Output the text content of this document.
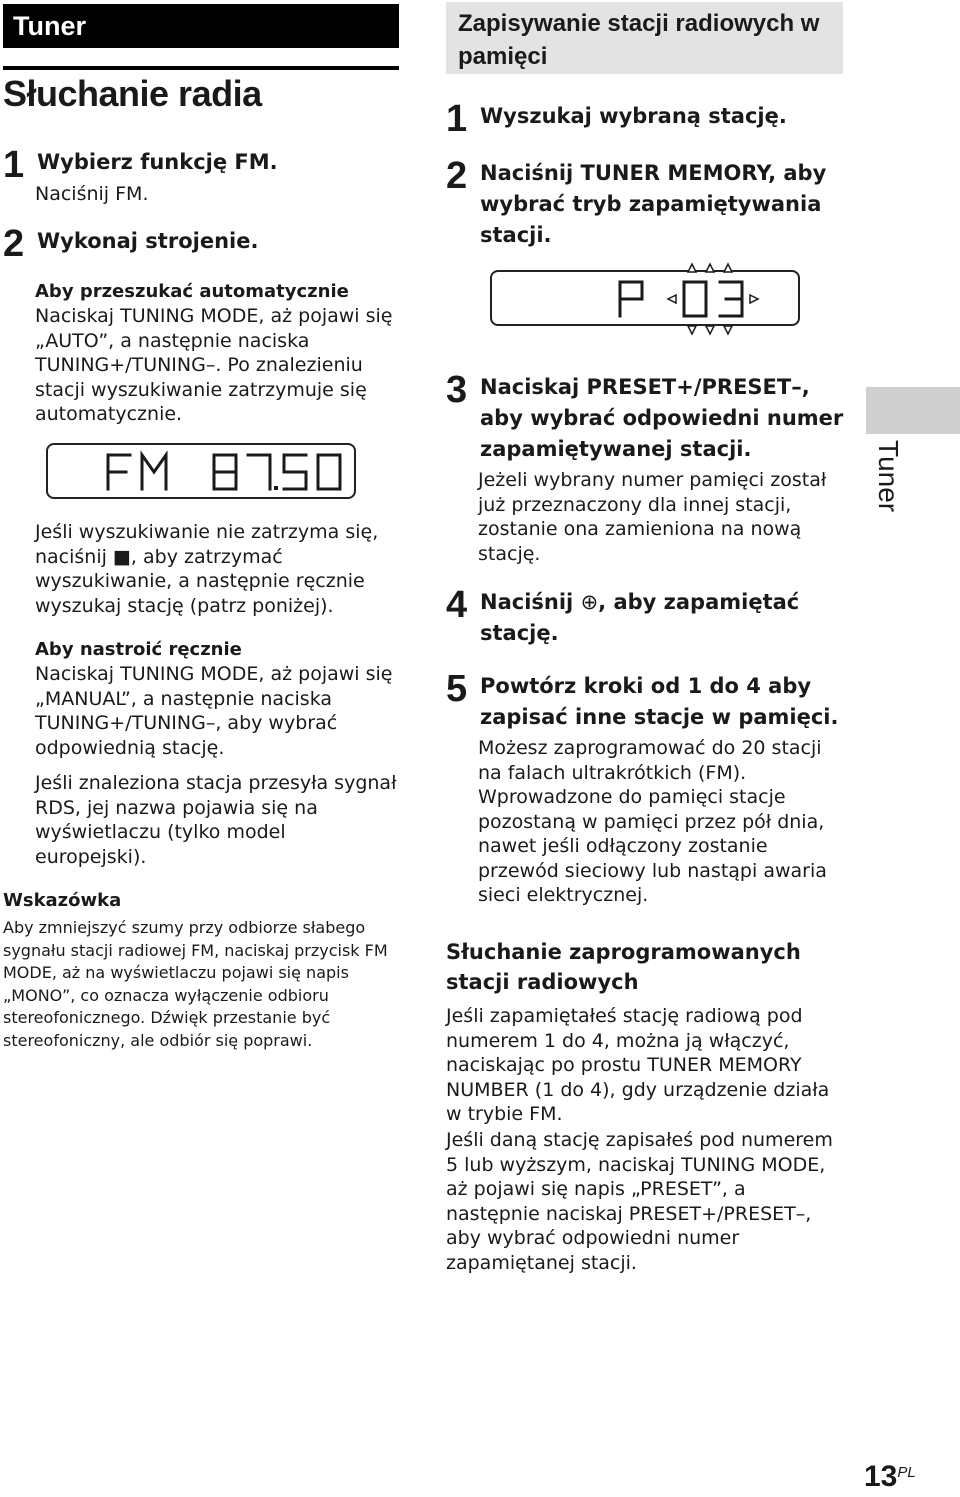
Tuner
Słuchanie radia
1 Wybierz funkcję FM.
Naciśnij FM.
2 Wykonaj strojenie.
Aby przeszukać automatycznie
Naciskaj TUNING MODE, aż pojawi się „AUTO”, a następnie naciska TUNING+/TUNING–. Po znalezieniu stacji wyszukiwanie zatrzymuje się automatycznie.
Jeśli wyszukiwanie nie zatrzyma się, naciśnij ■, aby zatrzymać wyszukiwanie, a następnie ręcznie wyszukaj stację (patrz poniżej).
Aby nastroić ręcznie
Naciskaj TUNING MODE, aż pojawi się „MANUAL”, a następnie naciska TUNING+/TUNING–, aby wybrać odpowiednią stację.
Jeśli znaleziona stacja przesyła sygnał RDS, jej nazwa pojawia się na wyświetlaczu (tylko model europejski).
Wskazówka
Aby zmniejszyć szumy przy odbiorze słabego sygnału stacji radiowej FM, naciskaj przycisk FM MODE, aż na wyświetlaczu pojawi się napis „MONO”, co oznacza wyłączenie odbioru stereofonicznego. Dźwięk przestanie być stereofoniczny, ale odbiór się poprawi.
Zapisywanie stacji radiowych w pamięci
1 Wyszukaj wybraną stację.
2 Naciśnij TUNER MEMORY, aby wybrać tryb zapamiętywania stacji.
3 Naciskaj PRESET+/PRESET–, aby wybrać odpowiedni numer zapamiętywanej stacji.
Jeżeli wybrany numer pamięci został już przeznaczony dla innej stacji, zostanie ona zamieniona na nową stację.
4 Naciśnij ⊕, aby zapamiętać stację.
5 Powtórz kroki od 1 do 4 aby zapisać inne stacje w pamięci.
Możesz zaprogramować do 20 stacji na falach ultrakrótkich (FM). Wprowadzone do pamięci stacje pozostaną w pamięci przez pół dnia, nawet jeśli odłączony zostanie przewód sieciowy lub nastąpi awaria sieci elektrycznej.
Słuchanie zaprogramowanych stacji radiowych
Jeśli zapamiętałeś stację radiową pod numerem 1 do 4, można ją włączyć, naciskając po prostu TUNER MEMORY NUMBER (1 do 4), gdy urządzenie działa w trybie FM.
Jeśli daną stację zapisałeś pod numerem 5 lub wyższym, naciskaj TUNING MODE, aż pojawi się napis „PRESET”, a następnie naciskaj PRESET+/PRESET–, aby wybrać odpowiedni numer zapamiętanej stacji.
Tuner
$13^{PL}$
